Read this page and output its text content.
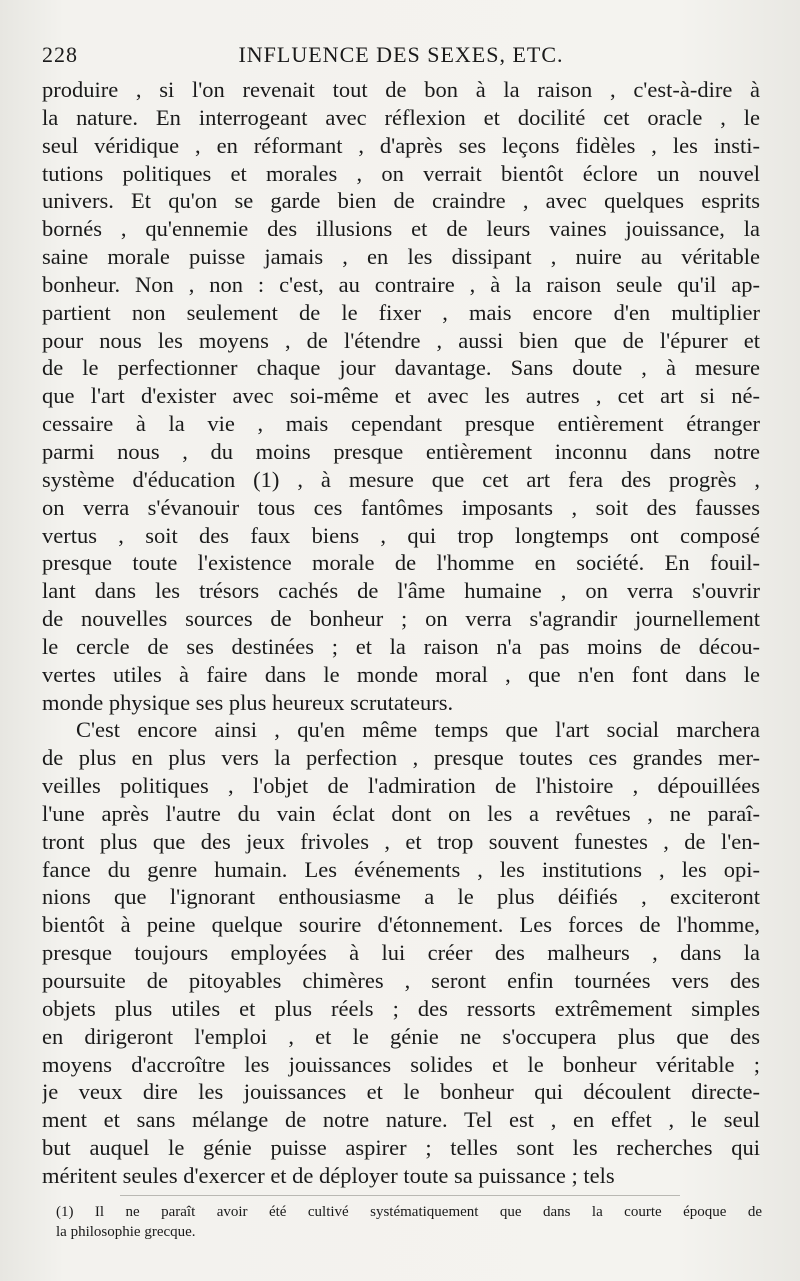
228	INFLUENCE DES SEXES, ETC.
produire , si l'on revenait tout de bon à la raison , c'est-à-dire à
la nature. En interrogeant avec réflexion et docilité cet oracle , le
seul véridique , en réformant , d'après ses leçons fidèles , les insti-
tutions politiques et morales , on verrait bientôt éclore un nouvel
univers. Et qu'on se garde bien de craindre , avec quelques esprits
bornés , qu'ennemie des illusions et de leurs vaines jouissance, la
saine morale puisse jamais , en les dissipant , nuire au véritable
bonheur. Non , non : c'est, au contraire , à la raison seule qu'il ap-
partient non seulement de le fixer , mais encore d'en multiplier
pour nous les moyens , de l'étendre , aussi bien que de l'épurer et
de le perfectionner chaque jour davantage. Sans doute , à mesure
que l'art d'exister avec soi-même et avec les autres , cet art si né-
cessaire à la vie , mais cependant presque entièrement étranger
parmi nous , du moins presque entièrement inconnu dans notre
système d'éducation (1) , à mesure que cet art fera des progrès ,
on verra s'évanouir tous ces fantômes imposants , soit des fausses
vertus , soit des faux biens , qui trop longtemps ont composé
presque toute l'existence morale de l'homme en société. En fouil-
lant dans les trésors cachés de l'âme humaine , on verra s'ouvrir
de nouvelles sources de bonheur ; on verra s'agrandir journellement
le cercle de ses destinées ; et la raison n'a pas moins de décou-
vertes utiles à faire dans le monde moral , que n'en font dans le
monde physique ses plus heureux scrutateurs.
C'est encore ainsi , qu'en même temps que l'art social marchera
de plus en plus vers la perfection , presque toutes ces grandes mer-
veilles politiques , l'objet de l'admiration de l'histoire , dépouillées
l'une après l'autre du vain éclat dont on les a revêtues , ne paraî-
tront plus que des jeux frivoles , et trop souvent funestes , de l'en-
fance du genre humain. Les événements , les institutions , les opi-
nions que l'ignorant enthousiasme a le plus déifiés , exciteront
bientôt à peine quelque sourire d'étonnement. Les forces de l'homme,
presque toujours employées à lui créer des malheurs , dans la
poursuite de pitoyables chimères , seront enfin tournées vers des
objets plus utiles et plus réels ; des ressorts extrêmement simples
en dirigeront l'emploi , et le génie ne s'occupera plus que des
moyens d'accroître les jouissances solides et le bonheur véritable ;
je veux dire les jouissances et le bonheur qui découlent directe-
ment et sans mélange de notre nature. Tel est , en effet , le seul
but auquel le génie puisse aspirer ; telles sont les recherches qui
méritent seules d'exercer et de déployer toute sa puissance ; tels
(1) Il ne paraît avoir été cultivé systématiquement que dans la courte époque de
la philosophie grecque.
